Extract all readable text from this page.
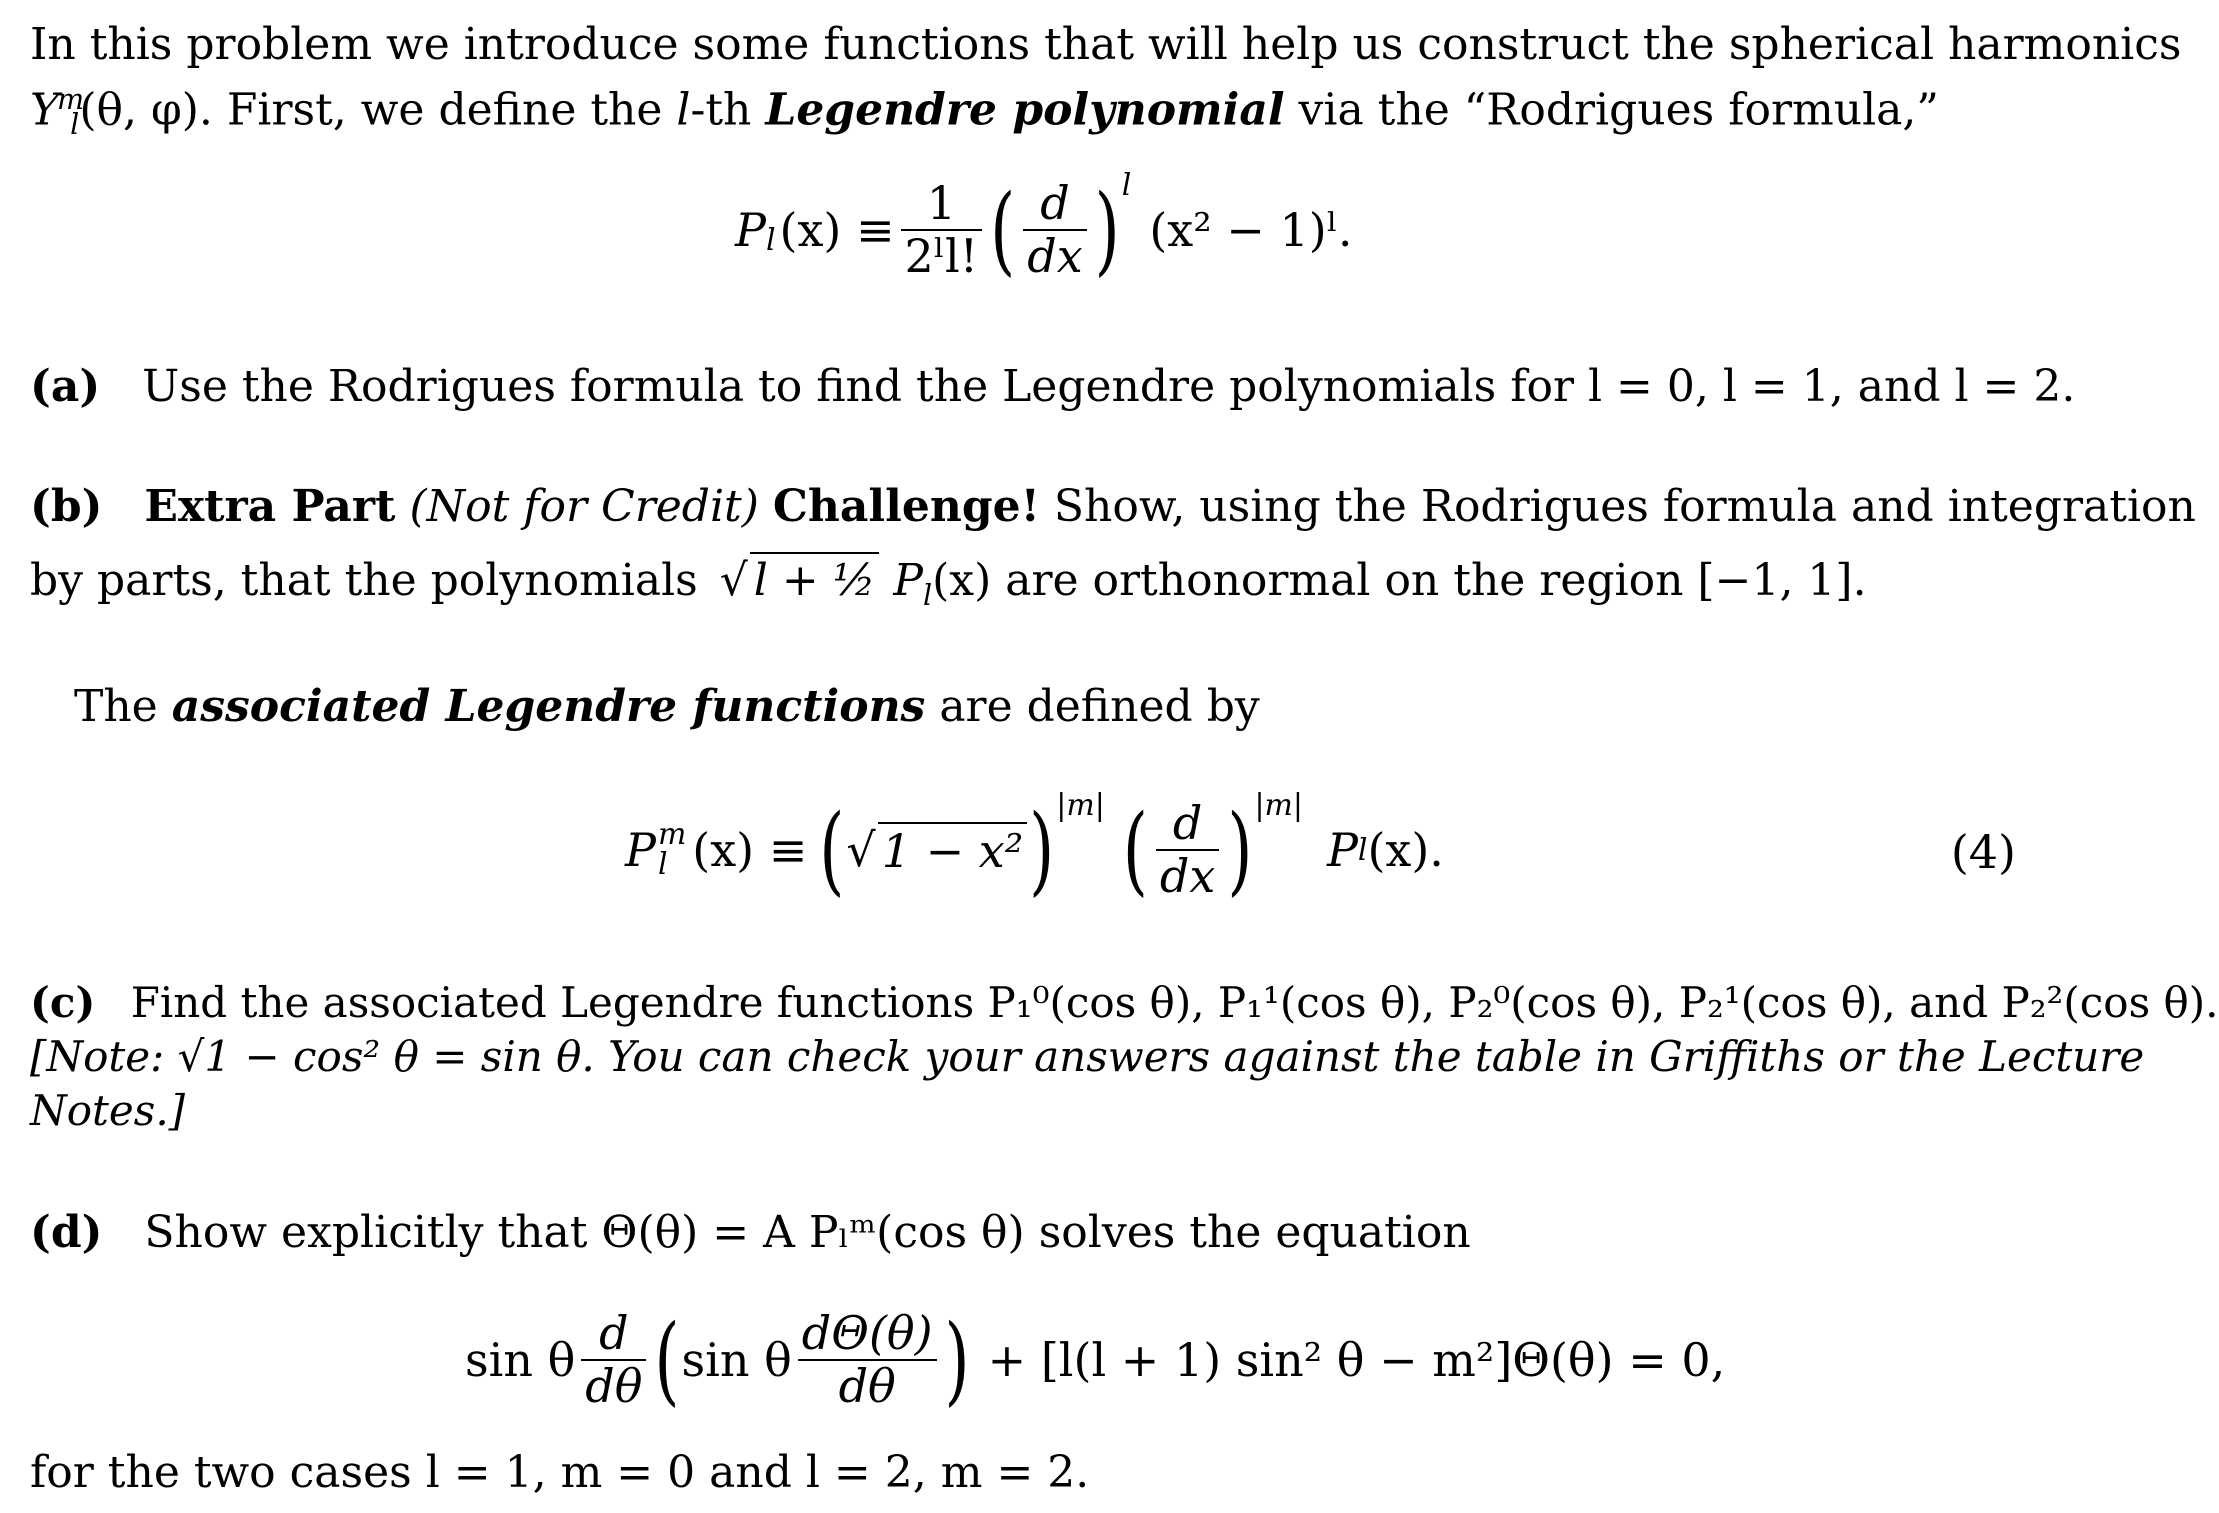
In this problem we introduce some functions that will help us construct the spherical harmonics
$Y^m_l(\theta$, φ). First, we define the l-th Legendre polynomial via the “Rodrigues formula,”
$P_l$ $(x) \equiv \frac{1}{\text{2ˡl!}}$ ( $\frac{d}{dx} )^l$
(x² − 1)ˡ.
(a) Use the Rodrigues formula to find the Legendre polynomials for l = 0, l = 1, and l = 2.
(b) Extra Part (Not for Credit) Challenge! Show, using the Rodrigues formula and integration
by parts, that the polynomials √ l + ½ $P_l(x)$ are orthonormal on the region [−1, 1].
The associated Legendre functions are defined by
P m
l (x) ≡ ( √ 1 − x² )$^{|m|}$ ( $\frac{d}{dx} )^{|m|}$
P l (x).	(4)
(c) Find the associated Legendre functions P₁⁰(cos θ), P₁¹(cos θ), P₂⁰(cos θ), P₂¹(cos θ), and P₂²(cos θ).
[Note: √1 − cos² θ = sin θ. You can check your answers against the table in Griffiths or the Lecture
Notes.]
(d) Show explicitly that Θ(θ) = A Pₗᵐ(cos θ) solves the equation
sin θ $\frac{d}{d\theta}$ ( sin θ $\frac{d\Theta(\theta)}{d\theta}$ ) + [l(l + 1) sin² θ − m²]Θ(θ) = 0,
for the two cases l = 1, m = 0 and l = 2, m = 2.
